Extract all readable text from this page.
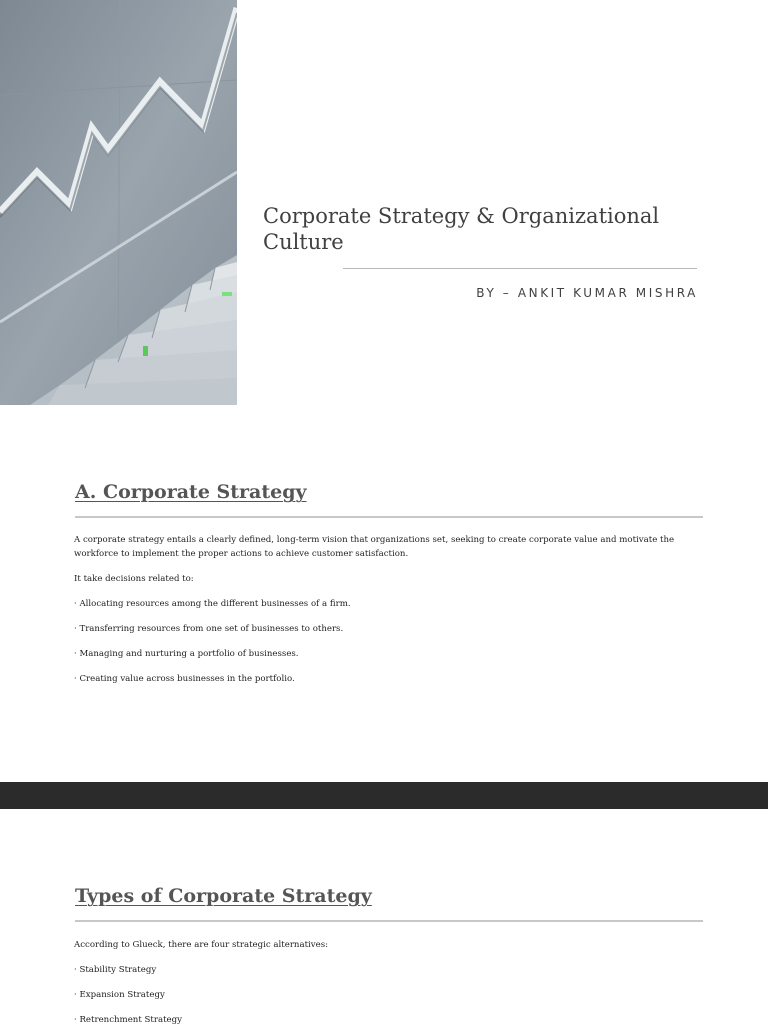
Corporate Strategy & Organizational Culture
BY – ANKIT KUMAR MISHRA
A. Corporate Strategy

A corporate strategy entails a clearly defined, long-term vision that organizations set, seeking to create corporate value and motivate the workforce to implement the proper actions to achieve customer satisfaction.

It take decisions related to:

· Allocating resources among the different businesses of a firm.

· Transferring resources from one set of businesses to others.

· Managing and nurturing a portfolio of businesses.

· Creating value across businesses in the portfolio.

Types of Corporate Strategy

According to Glueck, there are four strategic alternatives:

· Stability Strategy

· Expansion Strategy

· Retrenchment Strategy
